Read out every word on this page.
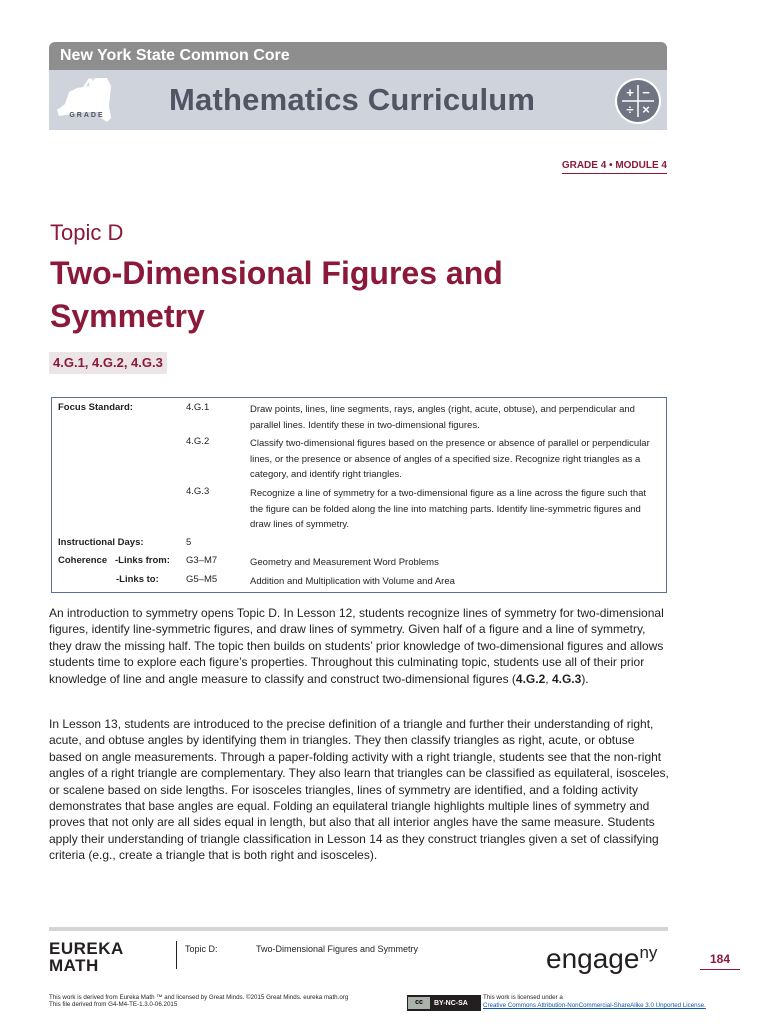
New York State Common Core
4
GRADE Mathematics Curriculum	+ −
÷ ×
GRADE 4 • MODULE 4
Topic D
Two-Dimensional Figures and Symmetry
4.G.1, 4.G.2, 4.G.3
Focus Standard:	4.G.1	Draw points, lines, line segments, rays, angles (right, acute, obtuse), and perpendicular and parallel lines. Identify these in two-dimensional figures.
4.G.2	Classify two-dimensional figures based on the presence or absence of parallel or perpendicular lines, or the presence or absence of angles of a specified size. Recognize right triangles as a category, and identify right triangles.
4.G.3	Recognize a line of symmetry for a two-dimensional figure as a line across the figure such that the figure can be folded along the line into matching parts. Identify line-symmetric figures and draw lines of symmetry.
Instructional Days:	5
Coherence   -Links from: G3–M7	Geometry and Measurement Word Problems
-Links to:	G5–M5	Addition and Multiplication with Volume and Area

An introduction to symmetry opens Topic D. In Lesson 12, students recognize lines of symmetry for two-dimensional figures, identify line-symmetric figures, and draw lines of symmetry. Given half of a figure and a line of symmetry, they draw the missing half. The topic then builds on students’ prior knowledge of two-dimensional figures and allows students time to explore each figure’s properties. Throughout this culminating topic, students use all of their prior knowledge of line and angle measure to classify and construct two-dimensional figures (4.G.2, 4.G.3).

In Lesson 13, students are introduced to the precise definition of a triangle and further their understanding of right, acute, and obtuse angles by identifying them in triangles. They then classify triangles as right, acute, or obtuse based on angle measurements. Through a paper-folding activity with a right triangle, students see that the non-right angles of a right triangle are complementary. They also learn that triangles can be classified as equilateral, isosceles, or scalene based on side lengths. For isosceles triangles, lines of symmetry are identified, and a folding activity demonstrates that base angles are equal. Folding an equilateral triangle highlights multiple lines of symmetry and proves that not only are all sides equal in length, but also that all interior angles have the same measure. Students apply their understanding of triangle classification in Lesson 14 as they construct triangles given a set of classifying criteria (e.g., create a triangle that is both right and isosceles).

EUREKA
MATH
Topic D:	Two-Dimensional Figures and Symmetry	engage$^{ny}$	184
This work is derived from Eureka Math ™ and licensed by Great Minds. ©2015 Great Minds. eureka math.org
This file derived from G4-M4-TE-1.3.0-06.2015	cc	BY-NC-SA
This work is licensed under a
Creative Commons Attribution-NonCommercial-ShareAlike 3.0 Unported License.
